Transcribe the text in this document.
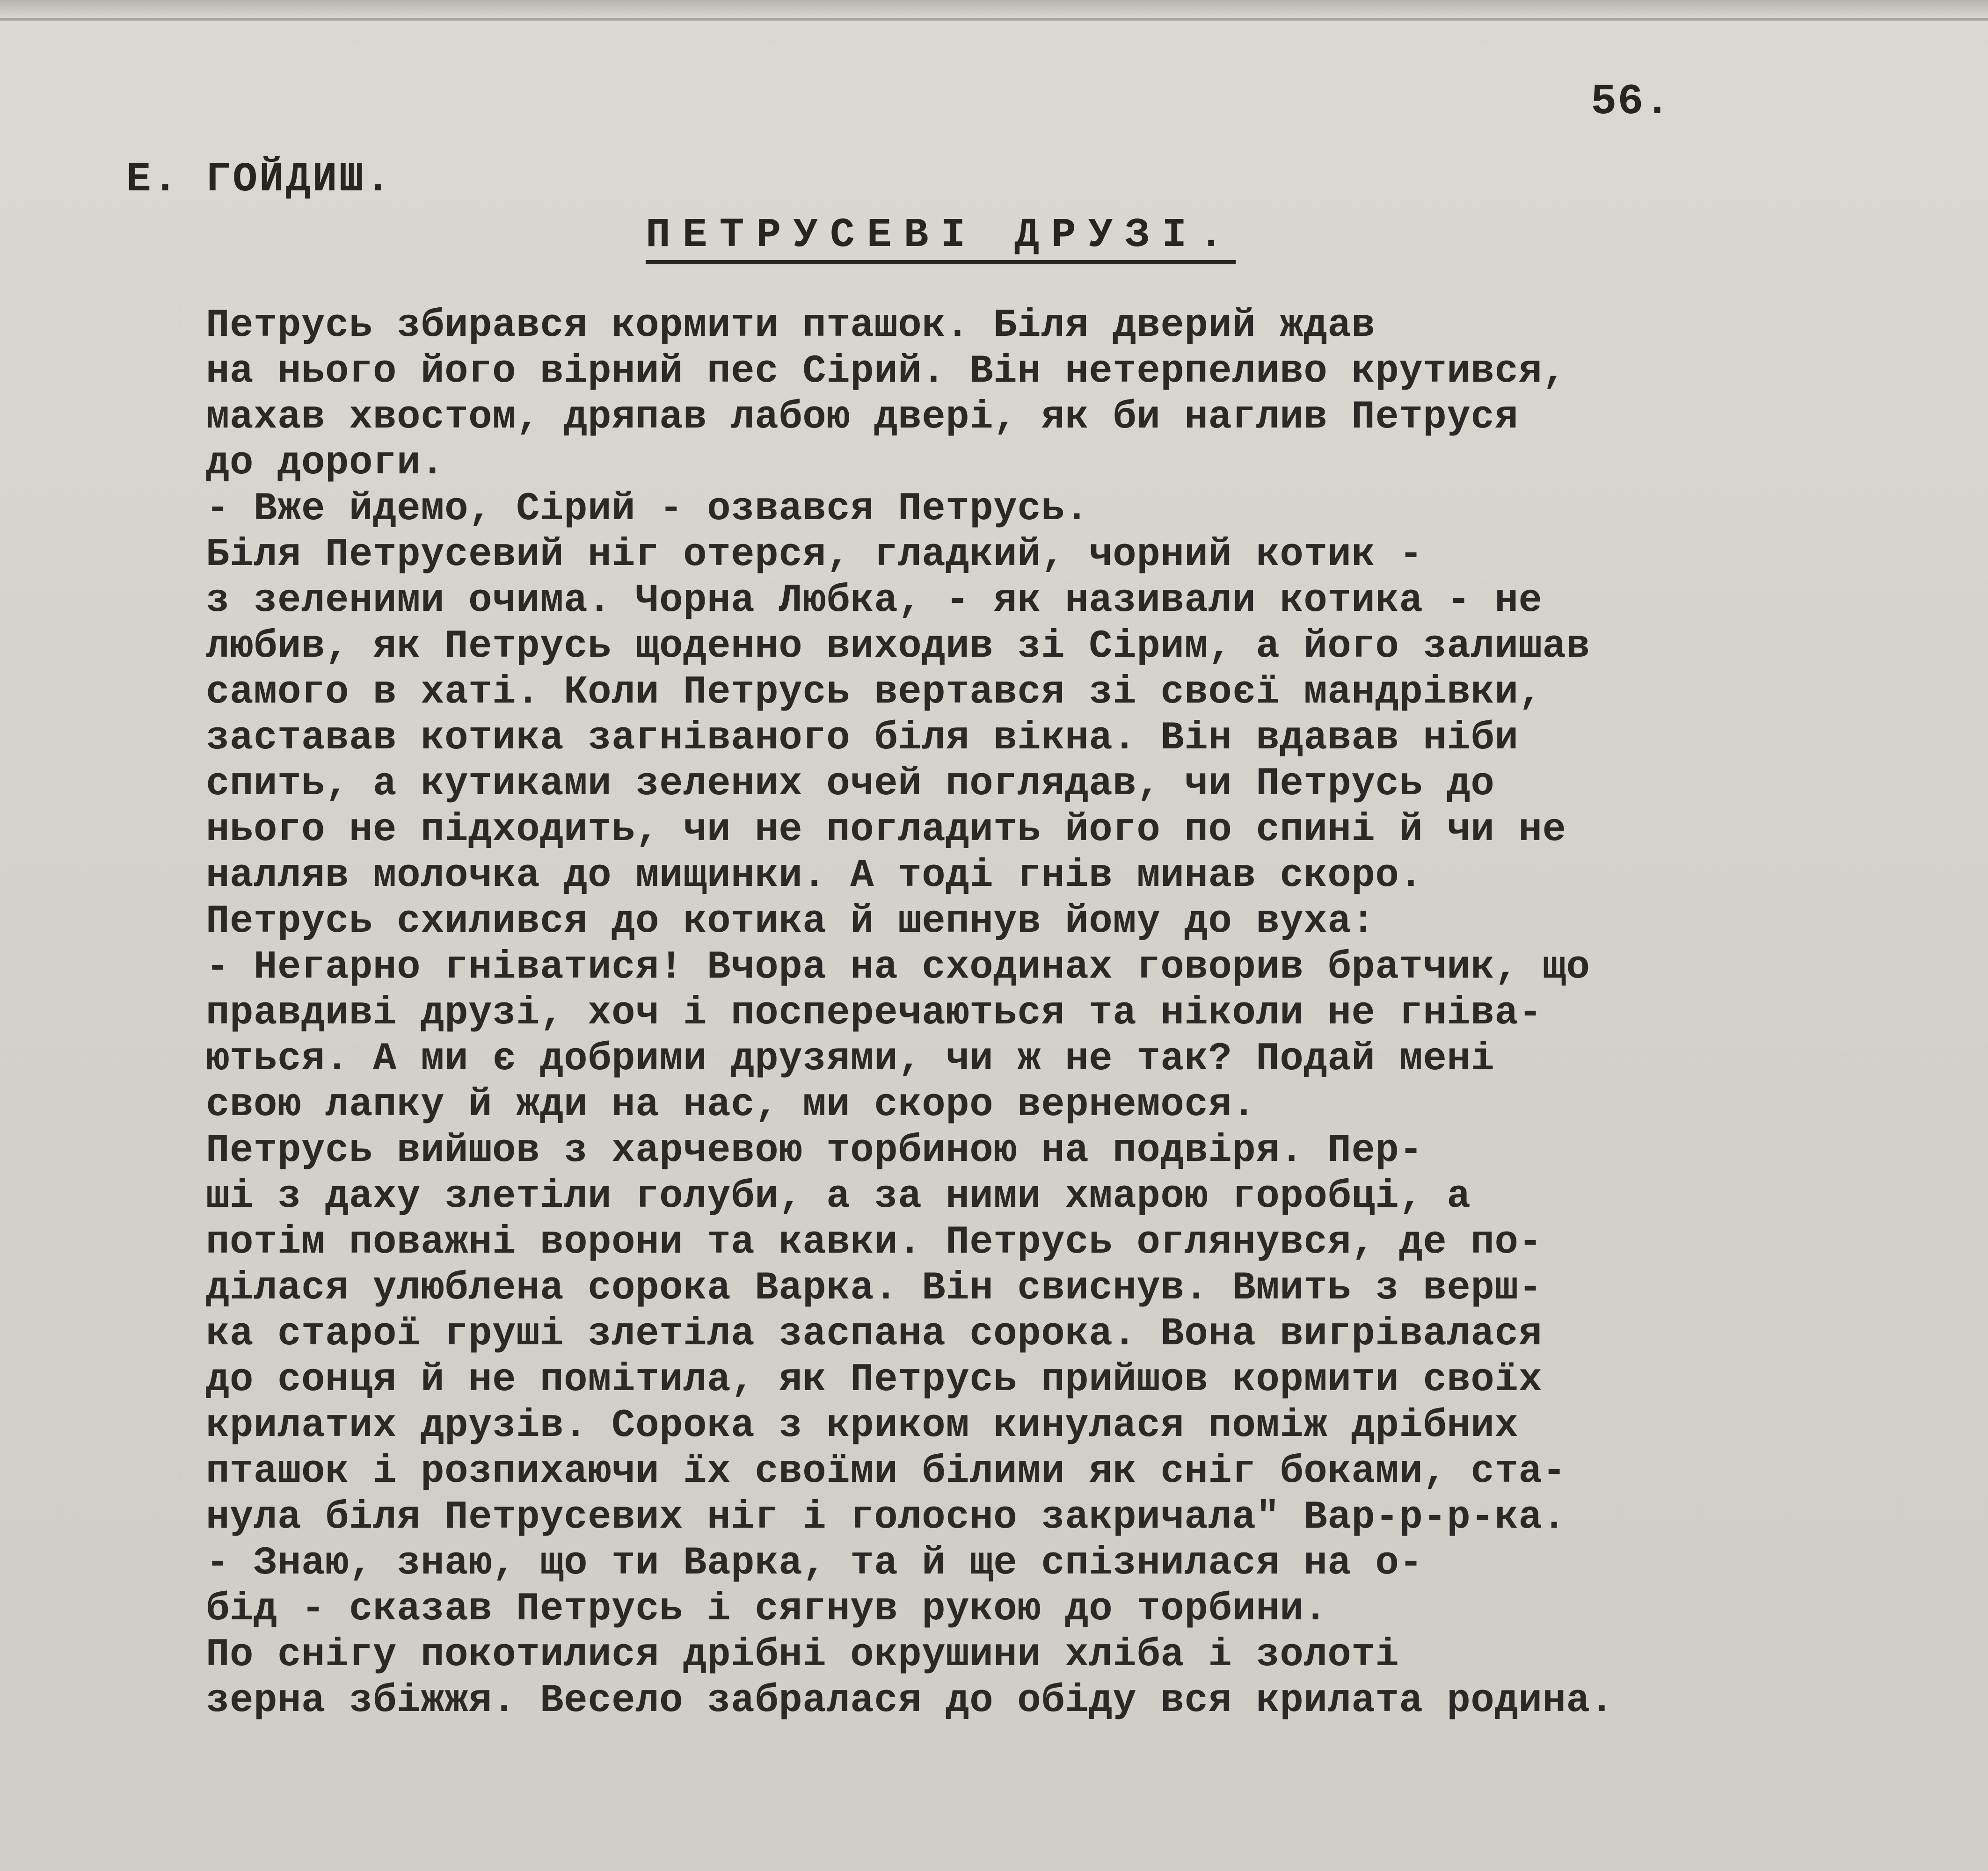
56.
Е. ГОЙДИШ.
ПЕТРУСЕВІ ДРУЗІ.
Петрусь збирався кормити пташок. Біля дверий ждав
на нього його вірний пес Сірий. Він нетерпеливо крутився,
махав хвостом, дряпав лабою двері, як би наглив Петруся
до дороги.
- Вже йдемо, Сірий - озвався Петрусь.
Біля Петрусевий ніг отерся, гладкий, чорний котик -
з зеленими очима. Чорна Любка, - як називали котика - не
любив, як Петрусь щоденно виходив зі Сірим, а його залишав
самого в хаті. Коли Петрусь вертався зі своєї мандрівки,
заставав котика загніваного біля вікна. Він вдавав ніби
спить, а кутиками зелених очей поглядав, чи Петрусь до
нього не підходить, чи не погладить його по спині й чи не
налляв молочка до мищинки. А тоді гнів минав скоро.
Петрусь схилився до котика й шепнув йому до вуха:
- Негарно гніватися! Вчора на сходинах говорив братчик, що
правдиві друзі, хоч і посперечаються та ніколи не гніва-
ються. А ми є добрими друзями, чи ж не так? Подай мені
свою лапку й жди на нас, ми скоро вернемося.
Петрусь вийшов з харчевою торбиною на подвіря. Пер-
ші з даху злетіли голуби, а за ними хмарою горобці, а
потім поважні ворони та кавки. Петрусь оглянувся, де по-
ділася улюблена сорока Варка. Він свиснув. Вмить з верш-
ка старої груші злетіла заспана сорока. Вона вигрівалася
до сонця й не помітила, як Петрусь прийшов кормити своїх
крилатих друзів. Сорока з криком кинулася поміж дрібних
пташок і розпихаючи їх своїми білими як сніг боками, ста-
нула біля Петрусевих ніг і голосно закричала" Вар-р-р-ка.
- Знаю, знаю, що ти Варка, та й ще спізнилася на о-
бід - сказав Петрусь і сягнув рукою до торбини.
По снігу покотилися дрібні окрушини хліба і золоті
зерна збіжжя. Весело забралася до обіду вся крилата родина.
